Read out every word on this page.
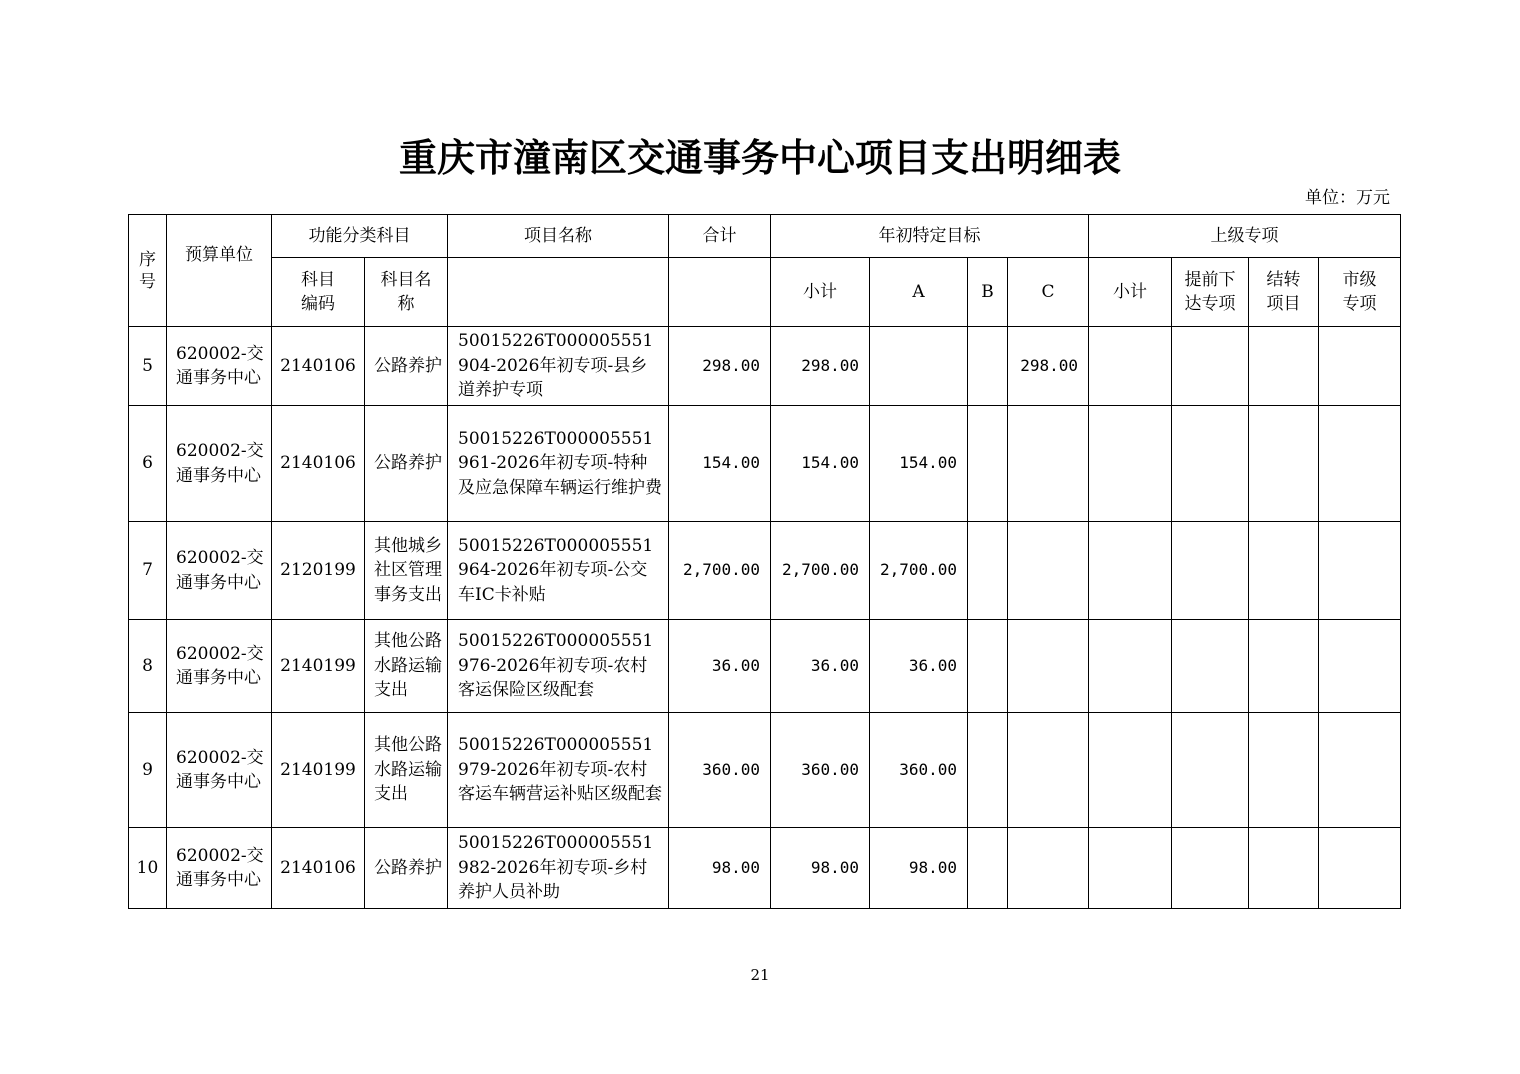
重庆市潼南区交通事务中心项目支出明细表
单位：万元
序号	预算单位	功能分类科目		项目名称	合计	年初特定目标				上级专项			

		科目编码	科目名称			小计	A	B	C	小计	提前下达专项	结转项目	市级专项

5	620002-交通事务中心	2140106	公路养护	50015226T000005551904-2026年初专项-县乡道养护专项	298.00	298.00			298.00				
6	620002-交通事务中心	2140106	公路养护	50015226T000005551961-2026年初专项-特种及应急保障车辆运行维护费	154.00	154.00	154.00						
7	620002-交通事务中心	2120199	其他城乡社区管理事务支出	50015226T000005551964-2026年初专项-公交车IC卡补贴	2,700.00	2,700.00	2,700.00						
8	620002-交通事务中心	2140199	其他公路水路运输支出	50015226T000005551976-2026年初专项-农村客运保险区级配套	36.00	36.00	36.00						
9	620002-交通事务中心	2140199	其他公路水路运输支出	50015226T000005551979-2026年初专项-农村客运车辆营运补贴区级配套	360.00	360.00	360.00						
10	620002-交通事务中心	2140106	公路养护	50015226T000005551982-2026年初专项-乡村养护人员补助	98.00	98.00	98.00						
21
